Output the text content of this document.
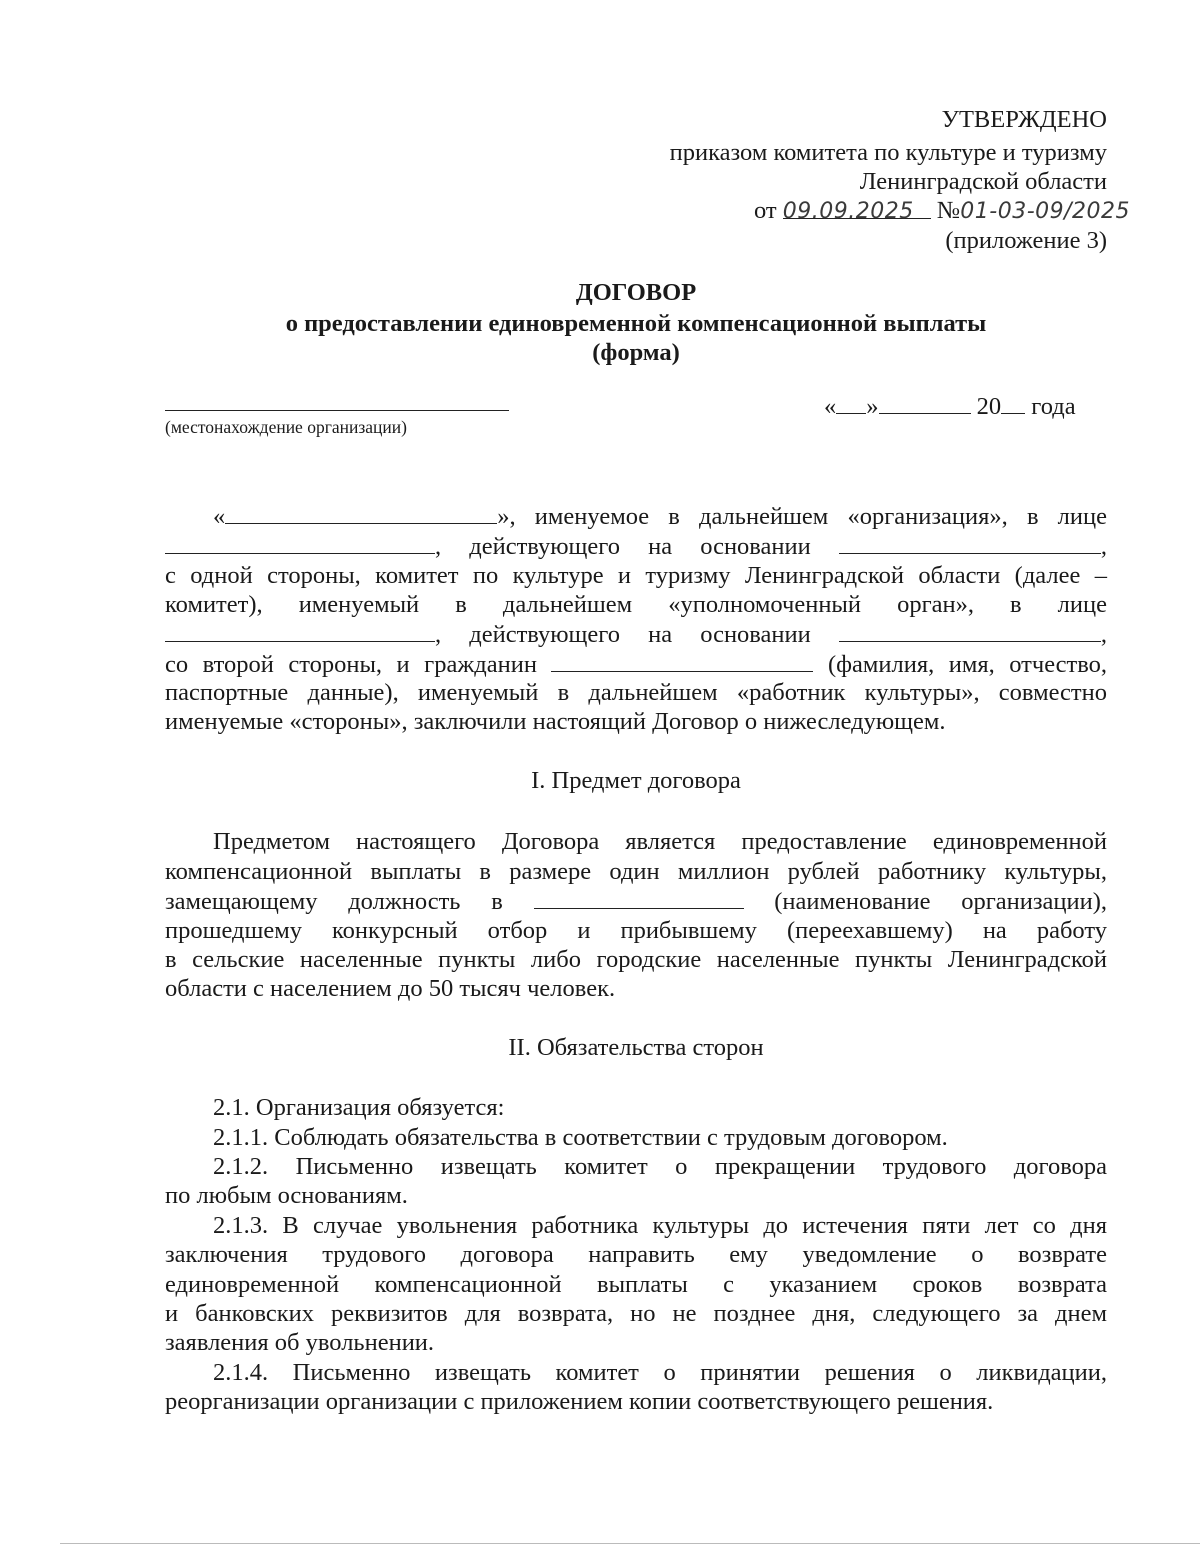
УТВЕРЖДЕНО
приказом комитета по культуре и туризму
Ленинградской области
от 09.09.2025 №01-03-09/2025
(приложение 3)
ДОГОВОР
о предоставлении единовременной компенсационной выплаты
(форма)
(местонахождение организации)
« »	20 года
«	», именуемое в дальнейшем «организация», в лице
, действующего на основании	,
с одной стороны, комитет по культуре и туризму Ленинградской области (далее –
комитет), именуемый в дальнейшем «уполномоченный орган», в лице
, действующего на основании	,
со второй стороны, и гражданин	(фамилия, имя, отчество,
паспортные данные), именуемый в дальнейшем «работник культуры», совместно
именуемые «стороны», заключили настоящий Договор о нижеследующем.
I. Предмет договора
Предметом настоящего Договора является предоставление единовременной
компенсационной выплаты в размере один миллион рублей работнику культуры,
замещающему должность в	(наименование организации),
прошедшему конкурсный отбор и прибывшему (переехавшему) на работу
в сельские населенные пункты либо городские населенные пункты Ленинградской
области с населением до 50 тысяч человек.
II. Обязательства сторон
2.1. Организация обязуется:
2.1.1. Соблюдать обязательства в соответствии с трудовым договором.
2.1.2. Письменно извещать комитет о прекращении трудового договора
по любым основаниям.
2.1.3. В случае увольнения работника культуры до истечения пяти лет со дня
заключения трудового договора направить ему уведомление о возврате
единовременной компенсационной выплаты с указанием сроков возврата
и банковских реквизитов для возврата, но не позднее дня, следующего за днем
заявления об увольнении.
2.1.4. Письменно извещать комитет о принятии решения о ликвидации,
реорганизации организации с приложением копии соответствующего решения.
